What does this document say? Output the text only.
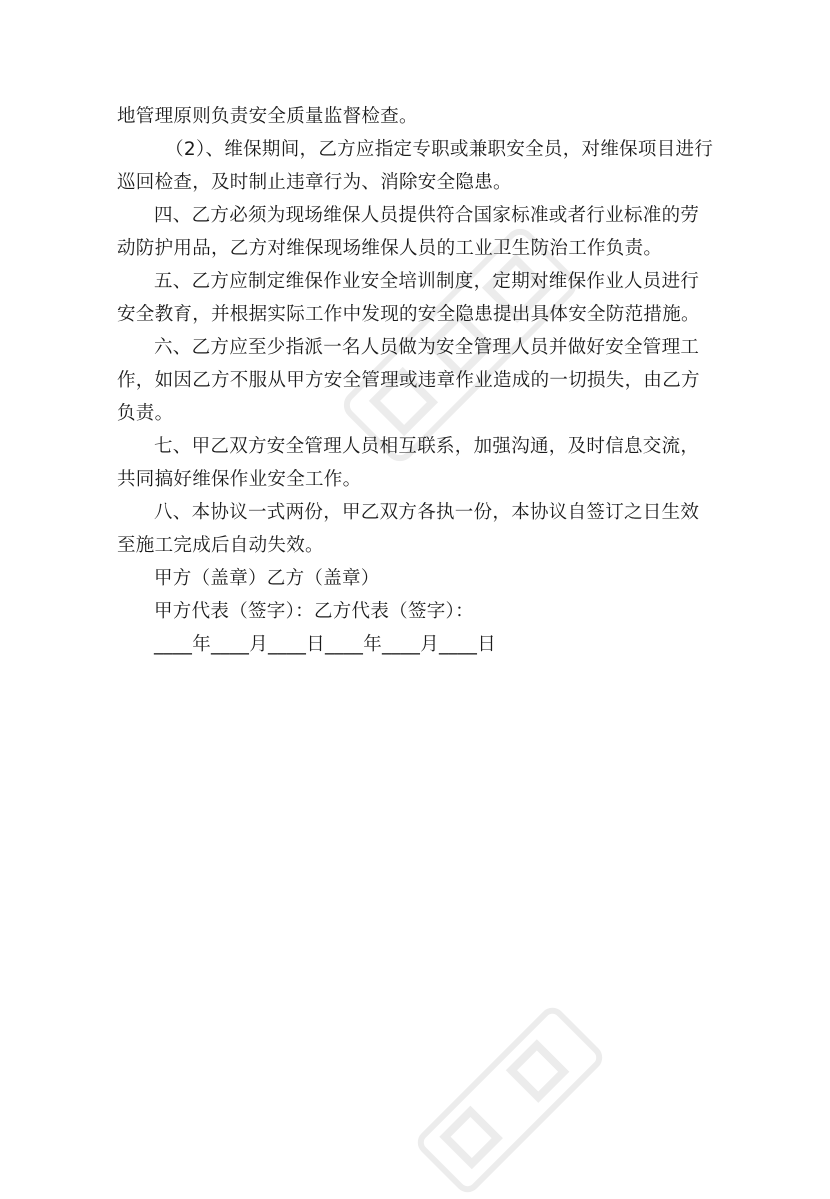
地管理原则负责安全质量监督检查。

（2）、维保期间，乙方应指定专职或兼职安全员，对维保项目进行巡回检查，及时制止违章行为、消除安全隐患。

四、乙方必须为现场维保人员提供符合国家标准或者行业标准的劳动防护用品，乙方对维保现场维保人员的工业卫生防治工作负责。

五、乙方应制定维保作业安全培训制度，定期对维保作业人员进行安全教育，并根据实际工作中发现的安全隐患提出具体安全防范措施。

六、乙方应至少指派一名人员做为安全管理人员并做好安全管理工作，如因乙方不服从甲方安全管理或违章作业造成的一切损失，由乙方负责。

七、甲乙双方安全管理人员相互联系，加强沟通，及时信息交流，共同搞好维保作业安全工作。

八、本协议一式两份，甲乙双方各执一份，本协议自签订之日生效至施工完成后自动失效。

甲方（盖章）乙方（盖章）

甲方代表（签字）：乙方代表（签字）：

____年____月____日____年____月____日
